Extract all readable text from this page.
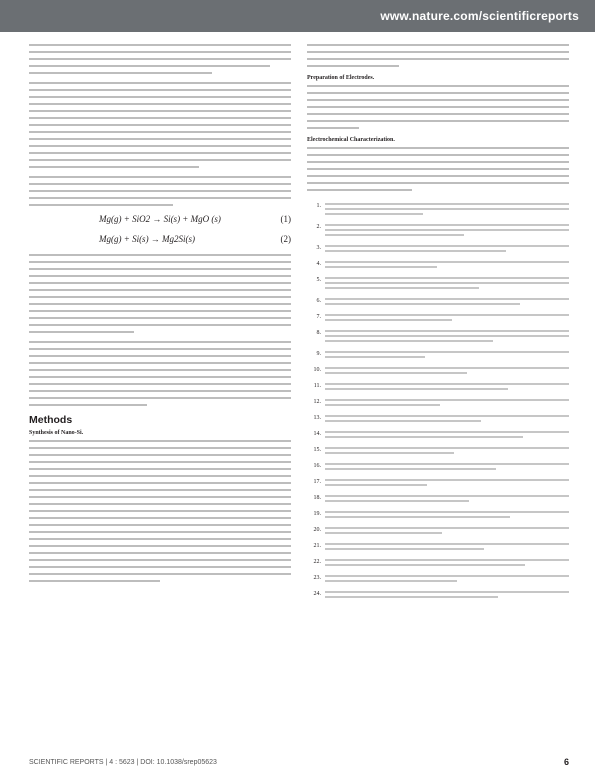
www.nature.com/scientificreports
Mg(g) + SiO2 → Si(s) + MgO (s)	(1)
Mg(g) + Si(s) → Mg2Si(s)	(2)
Methods
Synthesis of Nano-Si.
Preparation of Electrodes.
Electrochemical Characterization.
1.
2.
3.
4.
5.
6.
7.
8.
9.
10.
11.
12.
13.
14.
15.
16.
17.
18.
19.
20.
21.
22.
23.
24.
SCIENTIFIC REPORTS | 4 : 5623 | DOI: 10.1038/srep05623	6
